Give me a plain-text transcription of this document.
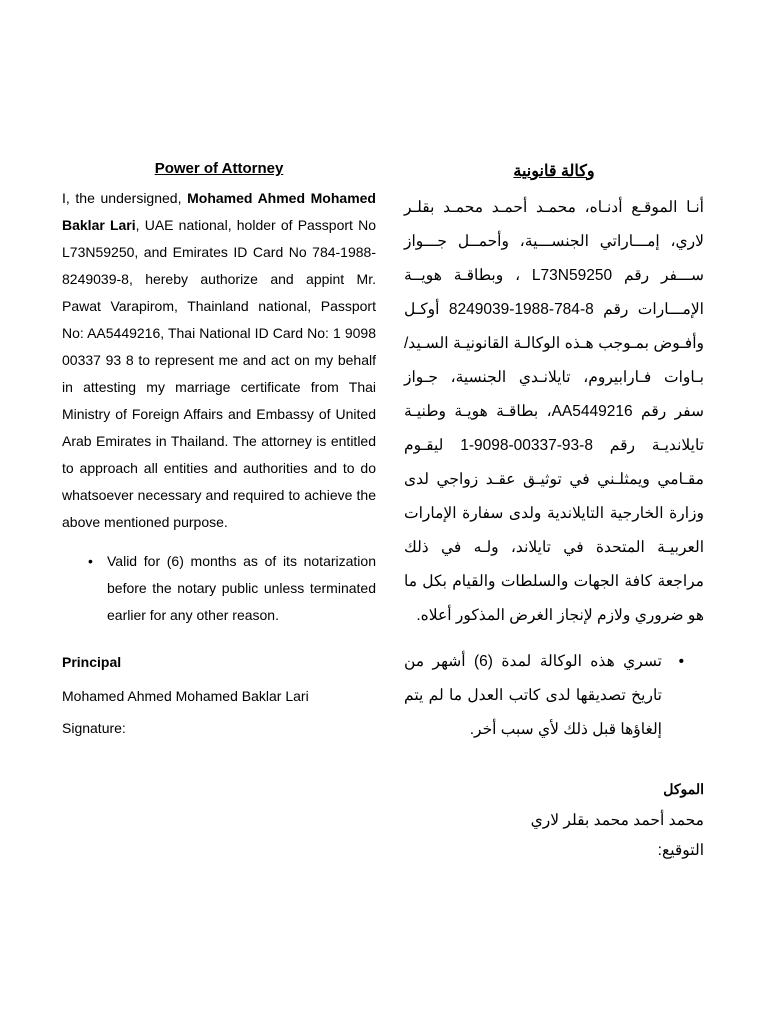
Power of Attorney

I, the undersigned, Mohamed Ahmed Mohamed Baklar Lari, UAE national, holder of Passport No L73N59250, and Emirates ID Card No 784-1988-8249039-8, hereby authorize and appint Mr. Pawat Varapirom, Thainland national, Passport No: AA5449216, Thai National ID Card No: 1 9098 00337 93 8 to represent me and act on my behalf in attesting my marriage certificate from Thai Ministry of Foreign Affairs and Embassy of United Arab Emirates in Thailand. The attorney is entitled to approach all entities and authorities and to do whatsoever necessary and required to achieve the above mentioned purpose.

• Valid for (6) months as of its notarization before the notary public unless terminated earlier for any other reason.

Principal

Mohamed Ahmed Mohamed Baklar Lari

Signature:

وكالة قانونية

أنـا الموقـع أدنـاه، محمـد أحمـد محمـد بقلـر لاري، إمـــاراتي الجنســـية، وأحمــل جـــواز ســـفر رقم L73N59250 ، وبطاقـة هويــة الإمـــارات رقم 8-784-1988-8249039 أوكـل وأفـوض بمـوجب هـذه الوكالـة القانونيـة السـيد/ بـاوات فـارابيروم، تايلانـدي الجنسية، جـواز سفر رقم AA5449216، بطاقـة هويـة وطنيـة تايلانديـة رقم 8-93-00337-9098-1 ليقـوم مقـامي ويمثلـني في توثيـق عقـد زواجي لدى وزارة الخارجية التايلاندية ولدى سفارة الإمارات العربيـة المتحدة في تايلاند، ولـه في ذلك مراجعة كافة الجهات والسلطات والقيام بكل ما هو ضروري ولازم لإنجاز الغرض المذكور أعلاه.

•
تسري هذه الوكالة لمدة (6) أشهر من تاريخ تصديقها لدى كاتب العدل ما لم يتم إلغاؤها قبل ذلك لأي سبب أخر.

الموكل

محمد أحمد محمد بقلر لاري

التوقيع:
